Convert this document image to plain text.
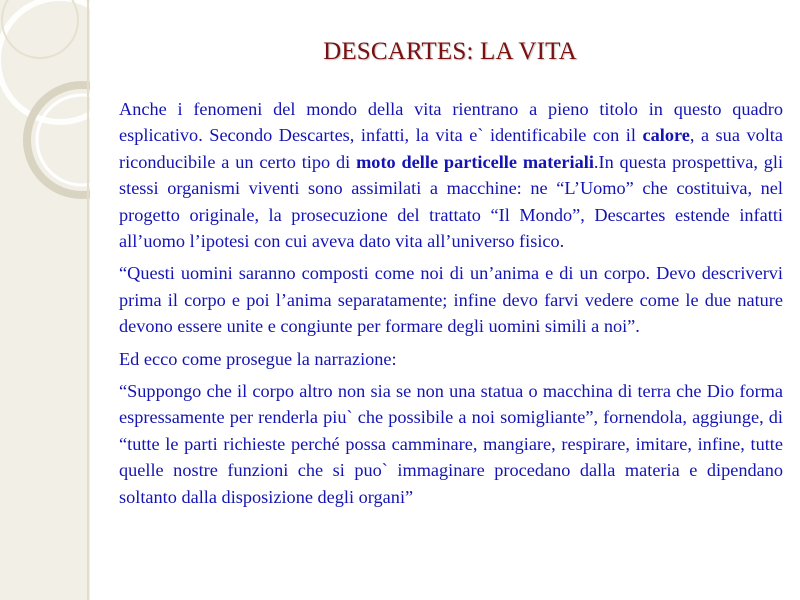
DESCARTES: LA VITA

Anche i fenomeni del mondo della vita rientrano a pieno titolo in questo quadro esplicativo. Secondo Descartes, infatti, la vita e` identificabile con il calore, a sua volta riconducibile a un certo tipo di moto delle particelle materiali.In questa prospettiva, gli stessi organismi viventi sono assimilati a macchine: ne “L’Uomo” che costituiva, nel progetto originale, la prosecuzione del trattato “Il Mondo”, Descartes estende infatti all’uomo l’ipotesi con cui aveva dato vita all’universo fisico.

“Questi uomini saranno composti come noi di un’anima e di un corpo. Devo descrivervi prima il corpo e poi l’anima separatamente; infine devo farvi vedere come le due nature devono essere unite e congiunte per formare degli uomini simili a noi”.

Ed ecco come prosegue la narrazione:

“Suppongo che il corpo altro non sia se non una statua o macchina di terra che Dio forma espressamente per renderla piu` che possibile a noi somigliante”, fornendola, aggiunge, di “tutte le parti richieste perché possa camminare, mangiare, respirare, imitare, infine, tutte quelle nostre funzioni che si puo` immaginare procedano dalla materia e dipendano soltanto dalla disposizione degli organi”
